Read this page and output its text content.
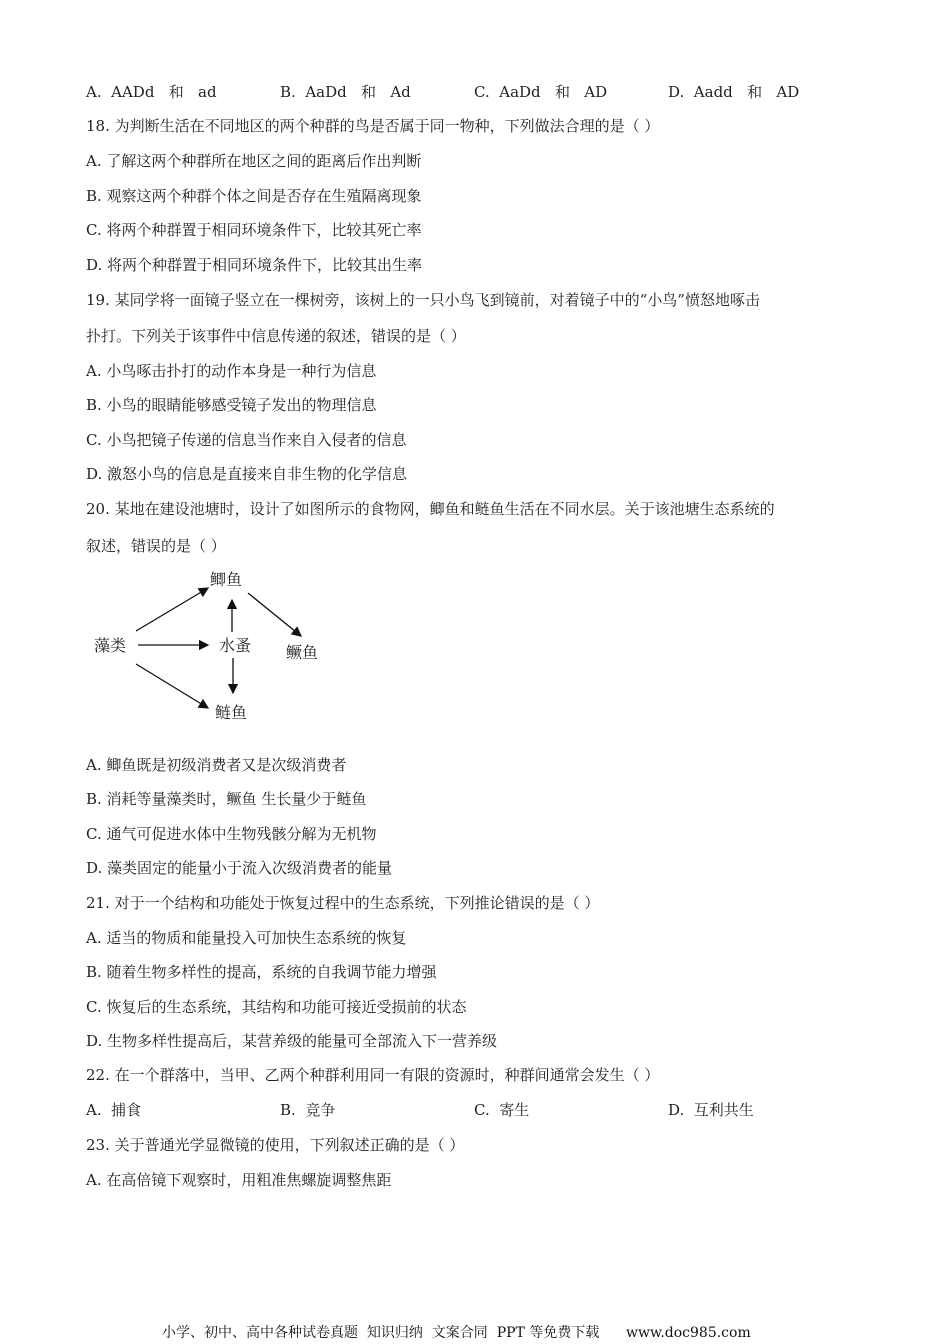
A.  AADd   和   ad	B.  AaDd   和   Ad	C.  AaDd   和   AD	D.  Aadd   和   AD
18. 为判断生活在不同地区的两个种群的鸟是否属于同一物种，下列做法合理的是（ ）
A. 了解这两个种群所在地区之间的距离后作出判断
B. 观察这两个种群个体之间是否存在生殖隔离现象
C. 将两个种群置于相同环境条件下，比较其死亡率
D. 将两个种群置于相同环境条件下，比较其出生率
19. 某同学将一面镜子竖立在一棵树旁，该树上的一只小鸟飞到镜前，对着镜子中的“小鸟”愤怒地啄击
扑打。下列关于该事件中信息传递的叙述，错误的是（ ）
A. 小鸟啄击扑打的动作本身是一种行为信息
B. 小鸟的眼睛能够感受镜子发出的物理信息
C. 小鸟把镜子传递的信息当作来自入侵者的信息
D. 激怒小鸟的信息是直接来自非生物的化学信息
20. 某地在建设池塘时，设计了如图所示的食物网，鲫鱼和鲢鱼生活在不同水层。关于该池塘生态系统的
叙述，错误的是（ ）
藻类
鲫鱼
水蚤 鳜鱼
鲢鱼
A. 鲫鱼既是初级消费者又是次级消费者
B. 消耗等量藻类时，鳜鱼 生长量少于鲢鱼
C. 通气可促进水体中生物残骸分解为无机物
D. 藻类固定的能量小于流入次级消费者的能量
21. 对于一个结构和功能处于恢复过程中的生态系统，下列推论错误的是（ ）
A. 适当的物质和能量投入可加快生态系统的恢复
B. 随着生物多样性的提高，系统的自我调节能力增强
C. 恢复后的生态系统，其结构和功能可接近受损前的状态
D. 生物多样性提高后，某营养级的能量可全部流入下一营养级
22. 在一个群落中，当甲、乙两个种群利用同一有限的资源时，种群间通常会发生（ ）
A.  捕食	B.  竞争	C.  寄生	D.  互利共生
23. 关于普通光学显微镜的使用，下列叙述正确的是（ ）
A. 在高倍镜下观察时，用粗准焦螺旋调整焦距
小学、初中、高中各种试卷真题  知识归纳  文案合同  PPT 等免费下载      www.doc985.com
